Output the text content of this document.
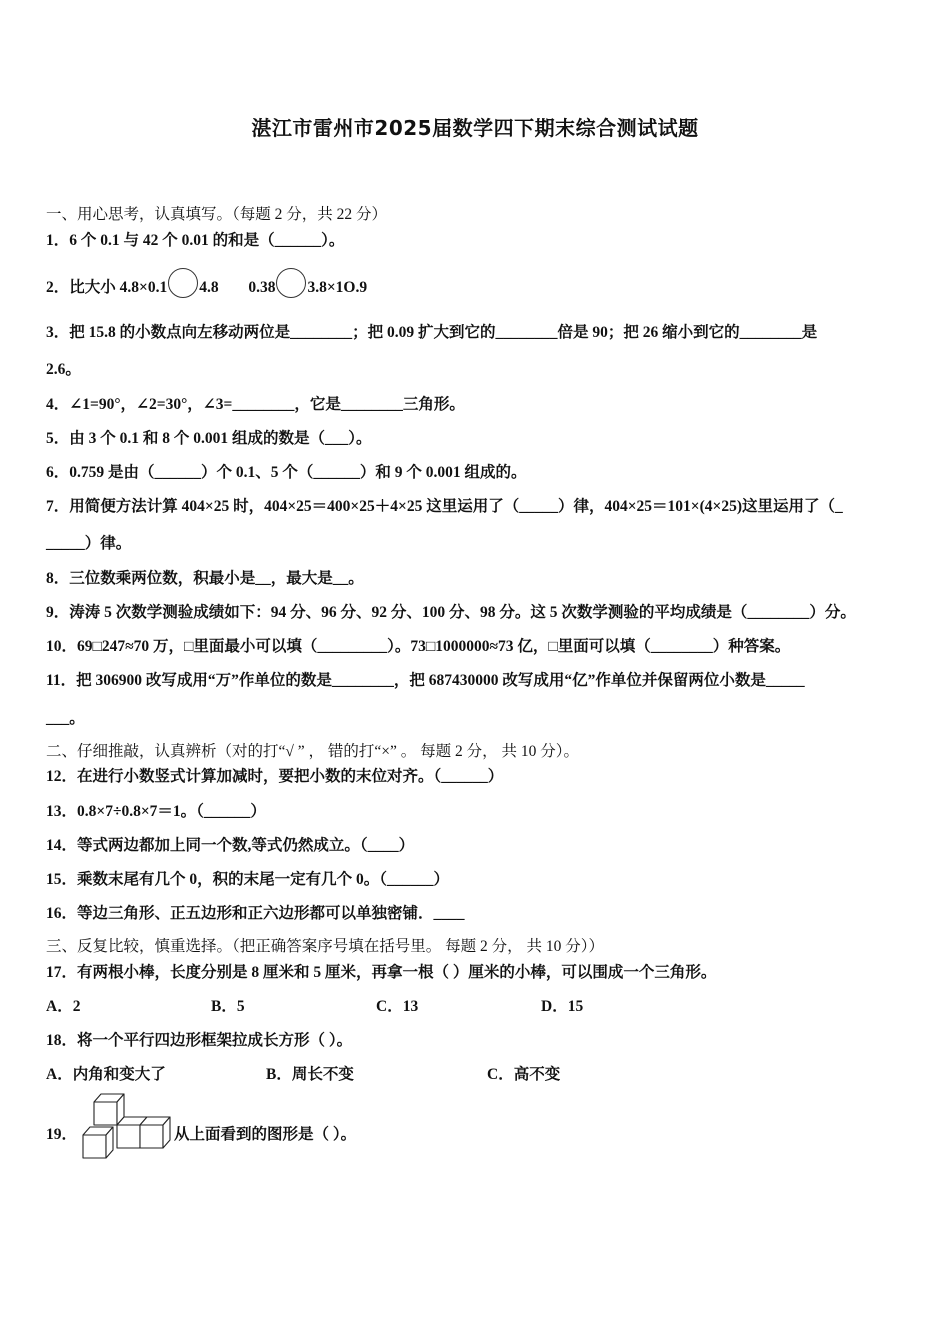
湛江市雷州市2025届数学四下期末综合测试试题
一、用心思考，认真填写。（每题 2 分，共 22 分）
1．6 个 0.1 与 42 个 0.01 的和是（______）。
2．比大小 4.8×0.1 4.8 0.38 3.8×1O.9
3．把 15.8 的小数点向左移动两位是________；把 0.09 扩大到它的________倍是 90；把 26 缩小到它的________是
2.6。
4．∠1=90°，∠2=30°，∠3=________，它是________三角形。
5．由 3 个 0.1 和 8 个 0.001 组成的数是（___）。
6．0.759 是由（______）个 0.1、5 个（______）和 9 个 0.001 组成的。
7．用简便方法计算 404×25 时，404×25＝400×25＋4×25 这里运用了（_____）律，404×25＝101×(4×25)这里运用了（_
_____）律。
8．三位数乘两位数，积最小是__，最大是__。
9．涛涛 5 次数学测验成绩如下：94 分、96 分、92 分、100 分、98 分。这 5 次数学测验的平均成绩是（________）分。
10．69□247≈70 万，□里面最小可以填（_________）。73□1000000≈73 亿，□里面可以填（________）种答案。
11．把 306900 改写成用“万”作单位的数是________，把 687430000 改写成用“亿”作单位并保留两位小数是_____
___。
二、仔细推敲，认真辨析（对的打“√ ” ， 错的打“×” 。 每题 2 分， 共 10 分）。
12．在进行小数竖式计算加减时，要把小数的末位对齐。（______）
13．0.8×7÷0.8×7＝1。（______）
14．等式两边都加上同一个数,等式仍然成立。（____）
15．乘数末尾有几个 0，积的末尾一定有几个 0。（______）
16．等边三角形、正五边形和正六边形都可以单独密铺．____
三、反复比较，慎重选择。（把正确答案序号填在括号里。 每题 2 分， 共 10 分））
17．有两根小棒，长度分别是 8 厘米和 5 厘米，再拿一根（ ）厘米的小棒，可以围成一个三角形。
A．2	B．5	C．13	D．15
18．将一个平行四边形框架拉成长方形（ ）。
A．内角和变大了	B．周长不变	C．高不变
19．	从上面看到的图形是（ ）。
